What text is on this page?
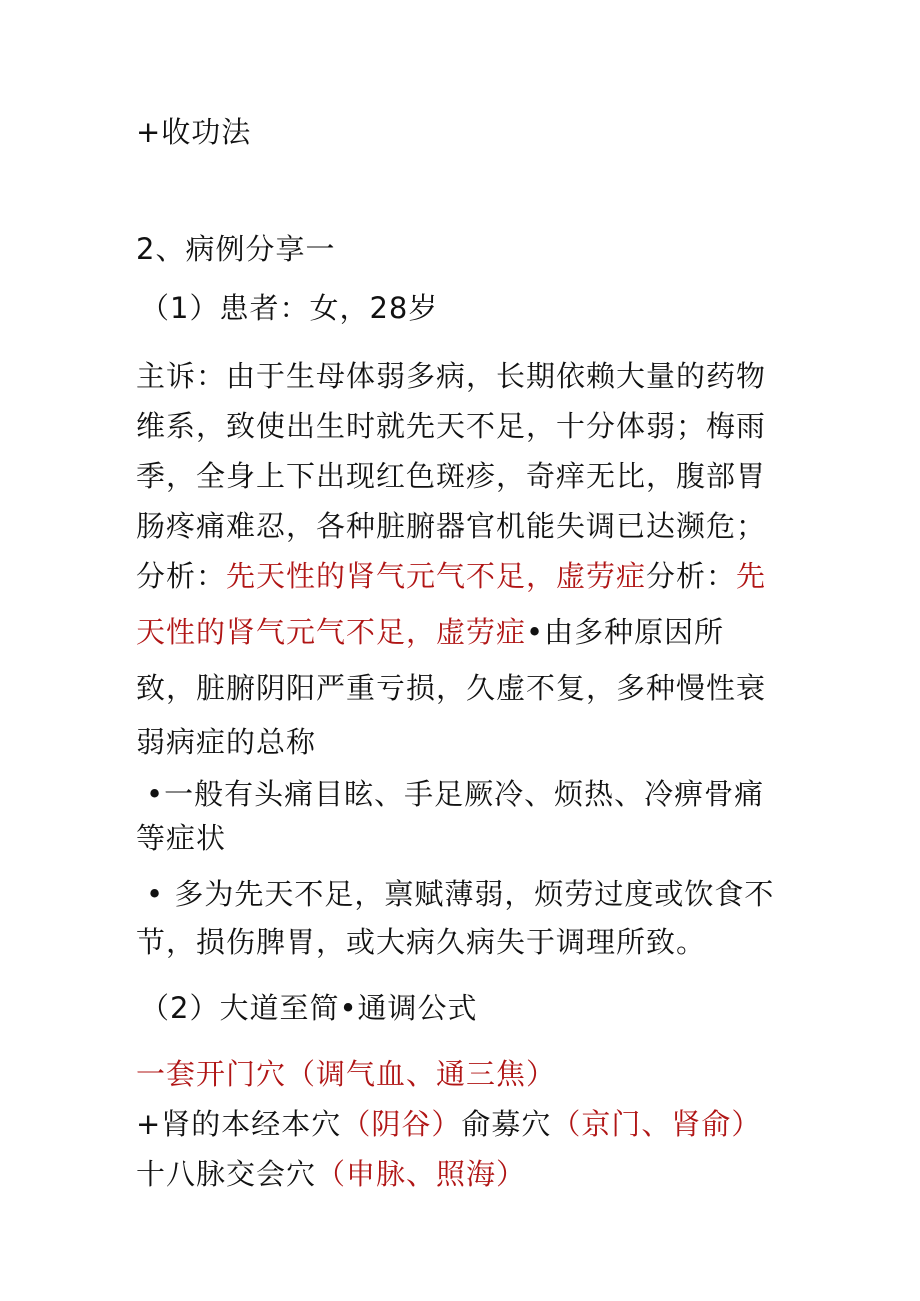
+收功法
2、病例分享一
（1）患者：女，28岁
主诉：由于生母体弱多病，长期依赖大量的药物
维系，致使出生时就先天不足，十分体弱；梅雨
季，全身上下出现红色斑疹，奇痒无比，腹部胃
肠疼痛难忍，各种脏腑器官机能失调已达濒危；
分析：先天性的肾气元气不足，虚劳症分析：先
天性的肾气元气不足，虚劳症•由多种原因所
致，脏腑阴阳严重亏损，久虚不复，多种慢性衰
弱病症的总称
•一般有头痛目眩、手足厥冷、烦热、冷痹骨痛
等症状
• 多为先天不足，禀赋薄弱，烦劳过度或饮食不
节，损伤脾胃，或大病久病失于调理所致。
（2）大道至简•通调公式
一套开门穴（调气血、通三焦）
+肾的本经本穴（阴谷）俞募穴（京门、肾俞）
十八脉交会穴（申脉、照海）
